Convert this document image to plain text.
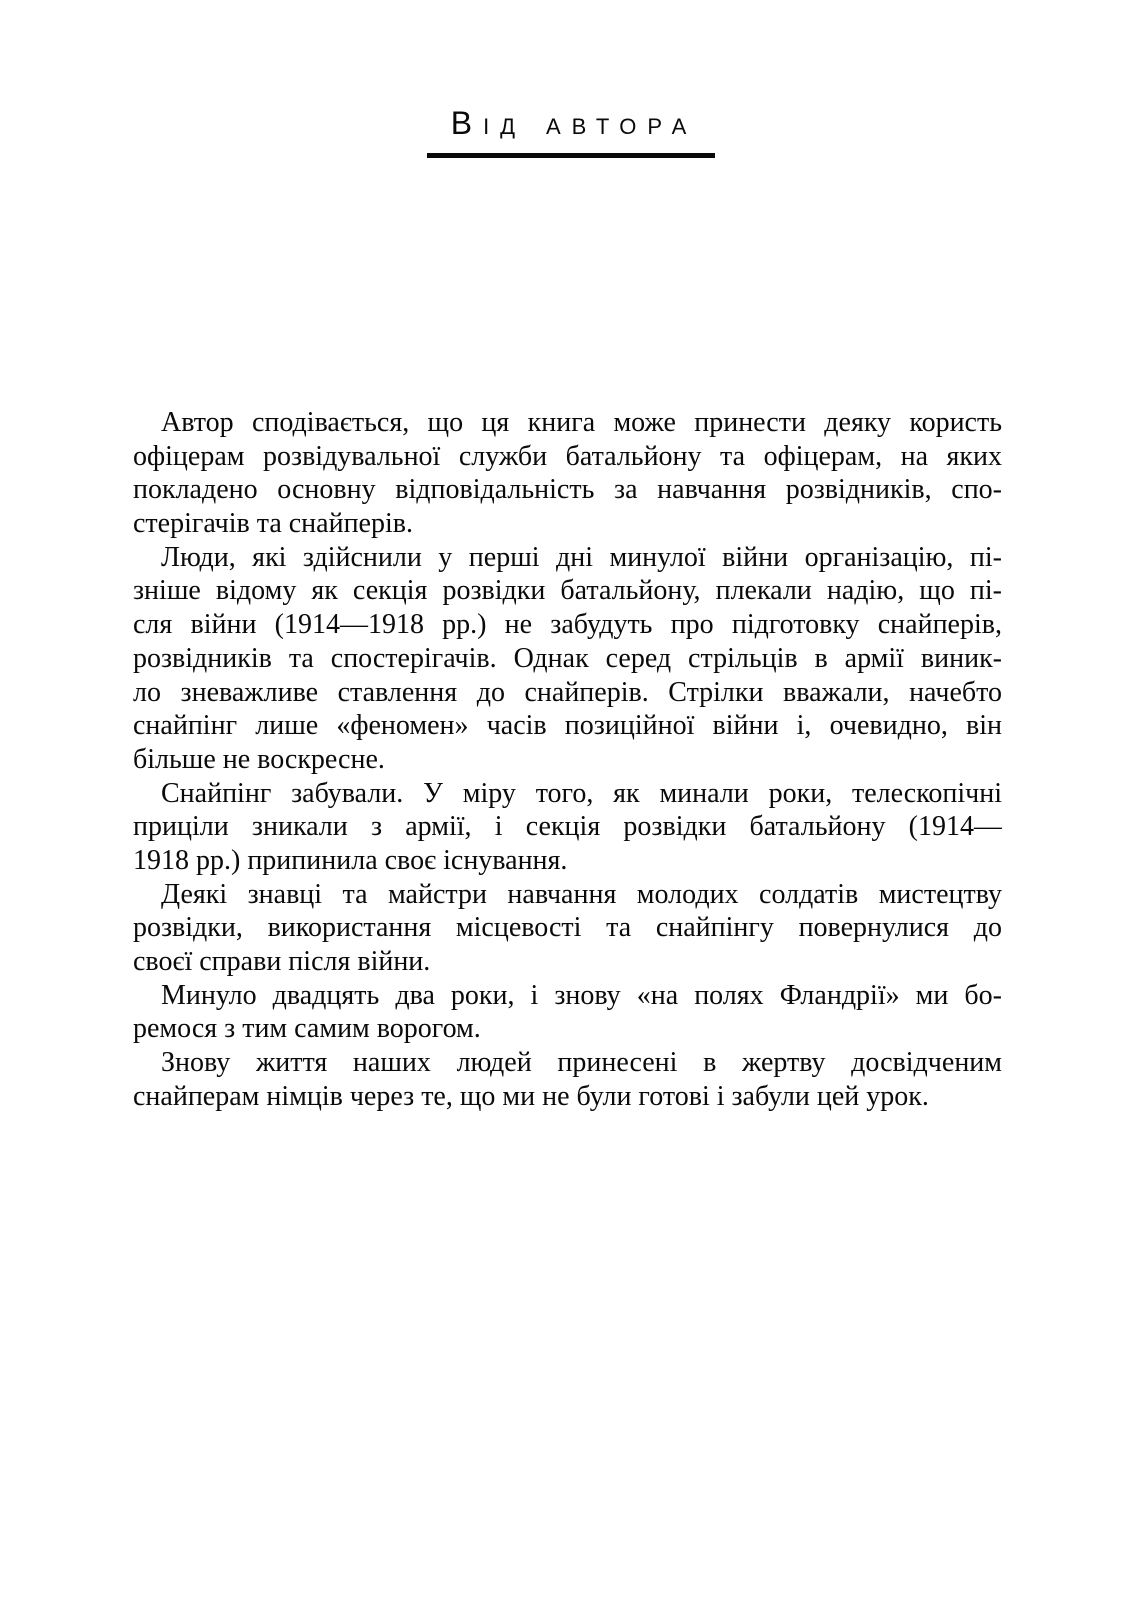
Від автора
Автор сподівається, що ця книга може принести деяку користь
офіцерам розвідувальної служби батальйону та офіцерам, на яких
покладено основну відповідальність за навчання розвідників, спо-
стерігачів та снайперів.
Люди, які здійснили у перші дні минулої війни організацію, пі-
зніше відому як секція розвідки батальйону, плекали надію, що пі-
сля війни (1914—1918 рр.) не забудуть про підготовку снайперів,
розвідників та спостерігачів. Однак серед стрільців в армії виник-
ло зневажливе ставлення до снайперів. Стрілки вважали, начебто
снайпінг лише «феномен» часів позиційної війни і, очевидно, він
більше не воскресне.
Снайпінг забували. У міру того, як минали роки, телескопічні
приціли зникали з армії, і секція розвідки батальйону (1914—
1918 рр.) припинила своє існування.
Деякі знавці та майстри навчання молодих солдатів мистецтву
розвідки, використання місцевості та снайпінгу повернулися до
своєї справи після війни.
Минуло двадцять два роки, і знову «на полях Фландрії» ми бо-
ремося з тим самим ворогом.
Знову життя наших людей принесені в жертву досвідченим
снайперам німців через те, що ми не були готові і забули цей урок.
